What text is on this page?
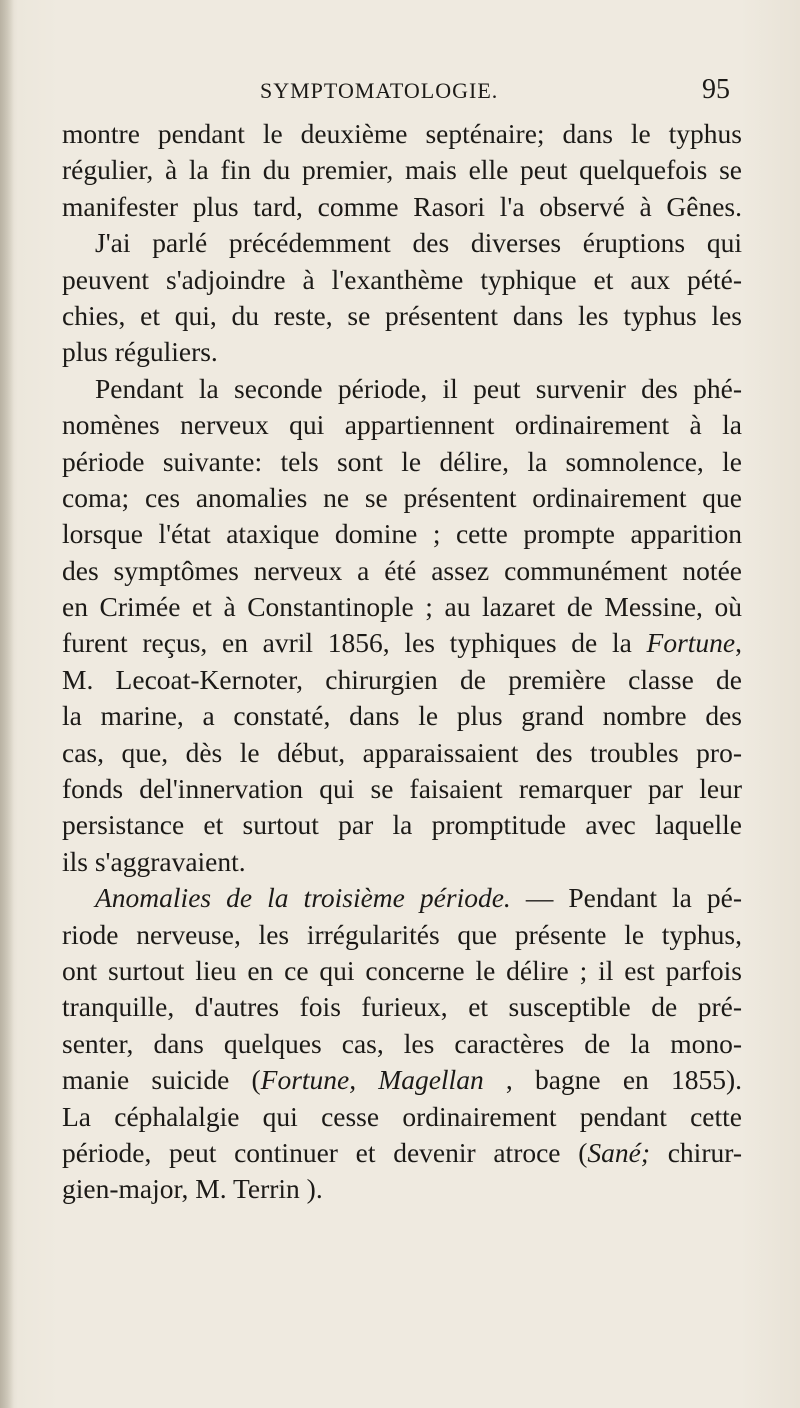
SYMPTOMATOLOGIE.	95
montre pendant le deuxième septénaire; dans le typhus
régulier, à la fin du premier, mais elle peut quelquefois se
manifester plus tard, comme Rasori l'a observé à Gênes.
J'ai parlé précédemment des diverses éruptions qui
peuvent s'adjoindre à l'exanthème typhique et aux pété-
chies, et qui, du reste, se présentent dans les typhus les
plus réguliers.
Pendant la seconde période, il peut survenir des phé-
nomènes nerveux qui appartiennent ordinairement à la
période suivante: tels sont le délire, la somnolence, le
coma; ces anomalies ne se présentent ordinairement que
lorsque l'état ataxique domine ; cette prompte apparition
des symptômes nerveux a été assez communément notée
en Crimée et à Constantinople ; au lazaret de Messine, où
furent reçus, en avril 1856, les typhiques de la Fortune,
M. Lecoat-Kernoter, chirurgien de première classe de
la marine, a constaté, dans le plus grand nombre des
cas, que, dès le début, apparaissaient des troubles pro-
fonds del'innervation qui se faisaient remarquer par leur
persistance et surtout par la promptitude avec laquelle
ils s'aggravaient.
Anomalies de la troisième période. — Pendant la pé-
riode nerveuse, les irrégularités que présente le typhus,
ont surtout lieu en ce qui concerne le délire ; il est parfois
tranquille, d'autres fois furieux, et susceptible de pré-
senter, dans quelques cas, les caractères de la mono-
manie suicide (Fortune, Magellan , bagne en 1855).
La céphalalgie qui cesse ordinairement pendant cette
période, peut continuer et devenir atroce (Sané; chirur-
gien-major, M. Terrin ).
